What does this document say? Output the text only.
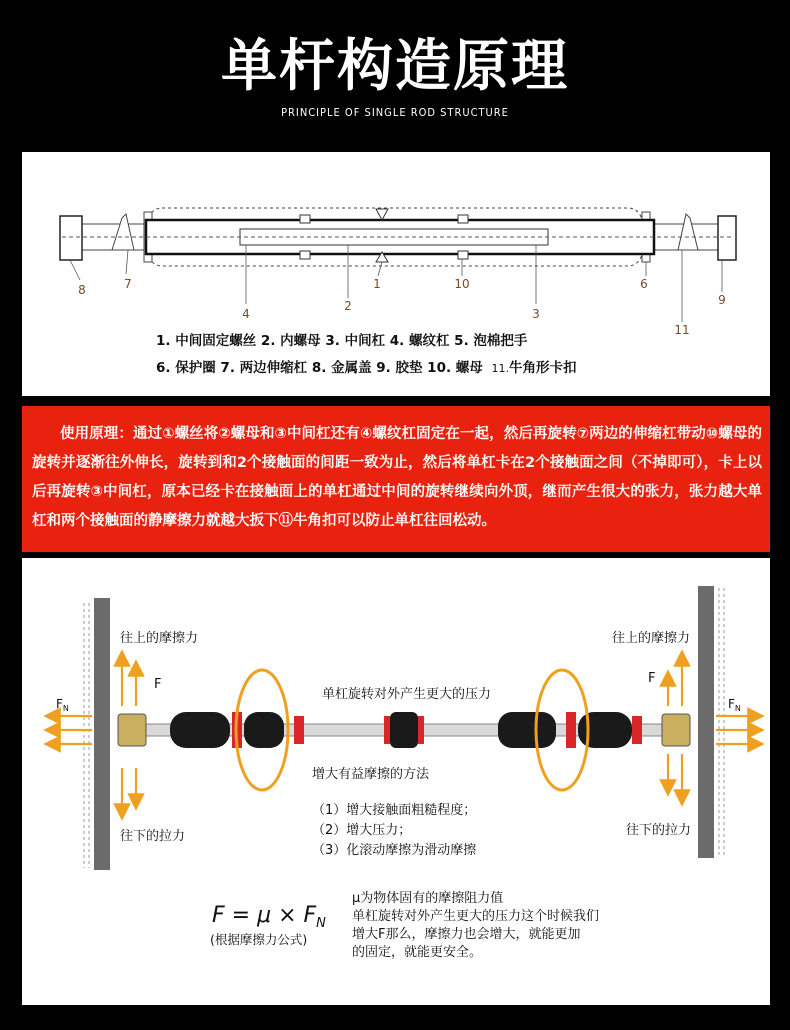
单杆构造原理
PRINCIPLE OF SINGLE ROD STRUCTURE
8	7
4
2
1	10
3
6
9
11
1. 中间固定螺丝 2. 内螺母 3. 中间杠 4. 螺纹杠 5. 泡棉把手
6. 保护圈 7. 两边伸缩杠 8. 金属盖 9. 胶垫 10. 螺母 11.牛角形卡扣
使用原理：通过①螺丝将②螺母和③中间杠还有④螺纹杠固定在一起，然后再旋转⑦两边的伸缩杠带动⑩螺母的旋转并逐渐往外伸长，旋转到和2个接触面的间距一致为止，然后将单杠卡在2个接触面之间（不掉即可），卡上以后再旋转③中间杠，原本已经卡在接触面上的单杠通过中间的旋转继续向外顶，继而产生很大的张力，张力越大单杠和两个接触面的静摩擦力就越大扳下⑪牛角扣可以防止单杠往回松动。
往上的摩擦力	往上的摩擦力
往下的拉力	往下的拉力
F	F
$F_N$	$F_N$
单杠旋转对外产生更大的压力
增大有益摩擦的方法
（1）增大接触面粗糙程度；
（2）增大压力；
（3）化滚动摩擦为滑动摩擦
$F = \mu \times F_N$
(根据摩擦力公式)
μ为物体固有的摩擦阻力值
单杠旋转对外产生更大的压力这个时候我们
增大F那么，摩擦力也会增大，就能更加
的固定，就能更安全。
